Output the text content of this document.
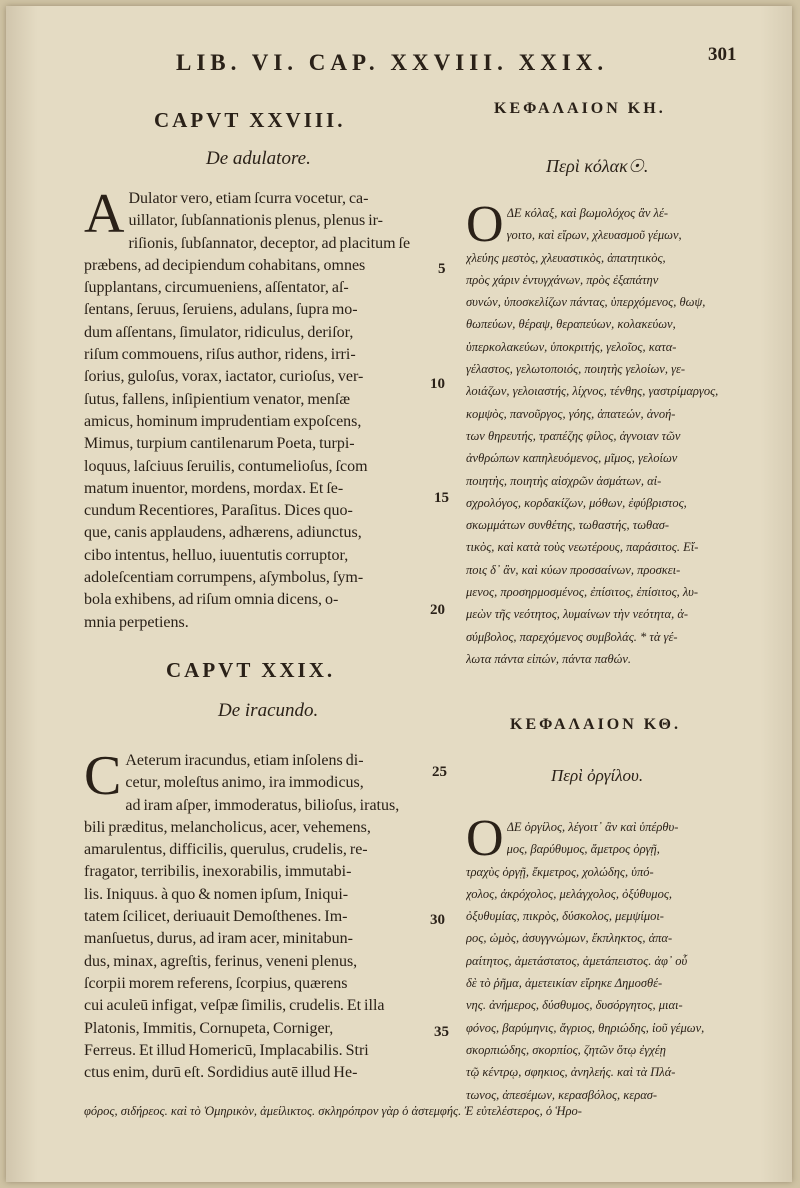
LIB. VI. CAP. XXVIII. XXIX.	301
CAPVT XXVIII.	ΚΕΦΑΛΑΙΟΝ ΚΗ.
De adulatore.	Περὶ κόλακ☉.

A Dulator vero, etiam ſcurra vocetur, ca-
uillator, ſubſannationis plenus, plenus ir-
riſionis, ſubſannator, deceptor, ad placitum ſe
præbens, ad decipiendum cohabitans, omnes
ſupplantans, circumueniens, aſſentator, aſ-
ſentans, ſeruus, ſeruiens, adulans, ſupra mo-
dum aſſentans, ſimulator, ridiculus, deriſor,
riſum commouens, riſus author, ridens, irri-
ſorius, guloſus, vorax, iactator, curioſus, ver-
ſutus, fallens, inſipientium venator, menſæ
amicus, hominum imprudentiam expoſcens,
Mimus, turpium cantilenarum Poeta, turpi-
loquus, laſciuus ſeruilis, contumelioſus, ſcom
matum inuentor, mordens, mordax. Et ſe-
cundum Recentiores, Paraſitus. Dices quo-
que, canis applaudens, adhærens, adiunctus,
cibo intentus, helluo, iuuentutis corruptor,
adoleſcentiam corrumpens, aſymbolus, ſym-
bola exhibens, ad riſum omnia dicens, o-
mnia perpetiens.

Ο ΔΕ κόλαξ, καὶ βωμολόχος ἂν λέ-
γοιτο, καὶ εἴρων, χλευασμοῦ γέμων,
χλεύης μεστὸς, χλευαστικὸς, ἀπατητικὸς,
πρὸς χάριν ἐντυγχάνων, πρὸς ἐξαπάτην
συνών, ὑποσκελίζων πάντας, ὑπερχόμενος, θωψ,
θωπεύων, θέραψ, θεραπεύων, κολακεύων,
ὑπερκολακεύων, ὑποκριτής, γελοῖος, κατα-
γέλαστος, γελωτοποιός, ποιητὴς γελοίων, γε-
λοιάζων, γελοιαστής, λίχνος, τένθης, γαστρίμαργος,
κομψὸς, πανοῦργος, γόης, ἀπατεών, ἀνοή-
των θηρευτής, τραπέζης φίλος, ἀγνοιαν τῶν
ἀνθρώπων καπηλευόμενος, μῖμος, γελοίων
ποιητὴς, ποιητὴς αἰσχρῶν ἀσμάτων, αἰ-
σχρολόγος, κορδακίζων, μόθων, ἐφύβριστος,
σκωμμάτων συνθέτης, τωθαστής, τωθασ-
τικὸς, καὶ κατὰ τοὺς νεωτέρους, παράσιτος. Εἴ-
ποις δ᾽ ἂν, καὶ κύων προσσαίνων, προσκει-
μενος, προσηρμοσμένος, ἐπίσιτος, ἐπίσιτος, λυ-
μεὼν τῆς νεότητος, λυμαίνων τὴν νεότητα, ἀ-
σύμβολος, παρεχόμενος συμβολάς. * τὰ γέ-
λωτα πάντα εἰπών, πάντα παθών.
CAPVT XXIX.
De iracundo.
ΚΕΦΑΛΑΙΟΝ ΚΘ.
Περὶ ὀργίλου.

C Aeterum iracundus, etiam inſolens di-
cetur, moleſtus animo, ira immodicus,
ad iram aſper, immoderatus, bilioſus, iratus,
bili præditus, melancholicus, acer, vehemens,
amarulentus, difficilis, querulus, crudelis, re-
fragator, terribilis, inexorabilis, immutabi-
lis. Iniquus. à quo & nomen ipſum, Iniqui-
tatem ſcilicet, deriuauit Demoſthenes. Im-
manſuetus, durus, ad iram acer, minitabun-
dus, minax, agreſtis, ferinus, veneni plenus,
ſcorpii morem referens, ſcorpius, quærens
cui aculeū infigat, veſpæ ſimilis, crudelis. Et illa
Platonis, Immitis, Cornupeta, Corniger,
Ferreus. Et illud Homericū, Implacabilis. Stri
ctus enim, durū eſt. Sordidius autē illud He-

Ο ΔΕ ὀργίλος, λέγοιτ᾽ ἂν καὶ ὑπέρθυ-
μος, βαρύθυμος, ἄμετρος ὀργῇ,
τραχὺς ὀργῇ, ἔκμετρος, χολώδης, ὑπό-
χολος, ἀκρόχολος, μελάγχολος, ὀξύθυμος,
ὀξυθυμίας, πικρὸς, δύσκολος, μεμψίμοι-
ρος, ὠμὸς, ἀσυγγνώμων, ἔκπληκτος, ἀπα-
ραίτητος, ἀμετάστατος, ἀμετάπειστος. ἀφ᾽ οὗ
δὲ τὸ ῥῆμα, ἀμετεικίαν εἴρηκε Δημοσθέ-
νης. ἀνήμερος, δύσθυμος, δυσόργητος, μιαι-
φόνος, βαρύμηνις, ἄγριος, θηριώδης, ἰοῦ γέμων,
σκορπιώδης, σκορπίος, ζητῶν ὅτῳ ἐγχέῃ
τῷ κέντρῳ, σφηκιος, ἀνηλεής. καὶ τὰ Πλά-
τωνος, ἀπεσέμων, κερασβόλος, κερασ-
5
10
15
20
25
30
35
φόρος, σιδήρεος. καὶ τὸ Ὁμηρικὸν, ἀμείλικτος. σκληρόπρον γὰρ ὁ ἀστεμφής. Ἐ εὐτελέστερος, ὁ Ἡρο-
